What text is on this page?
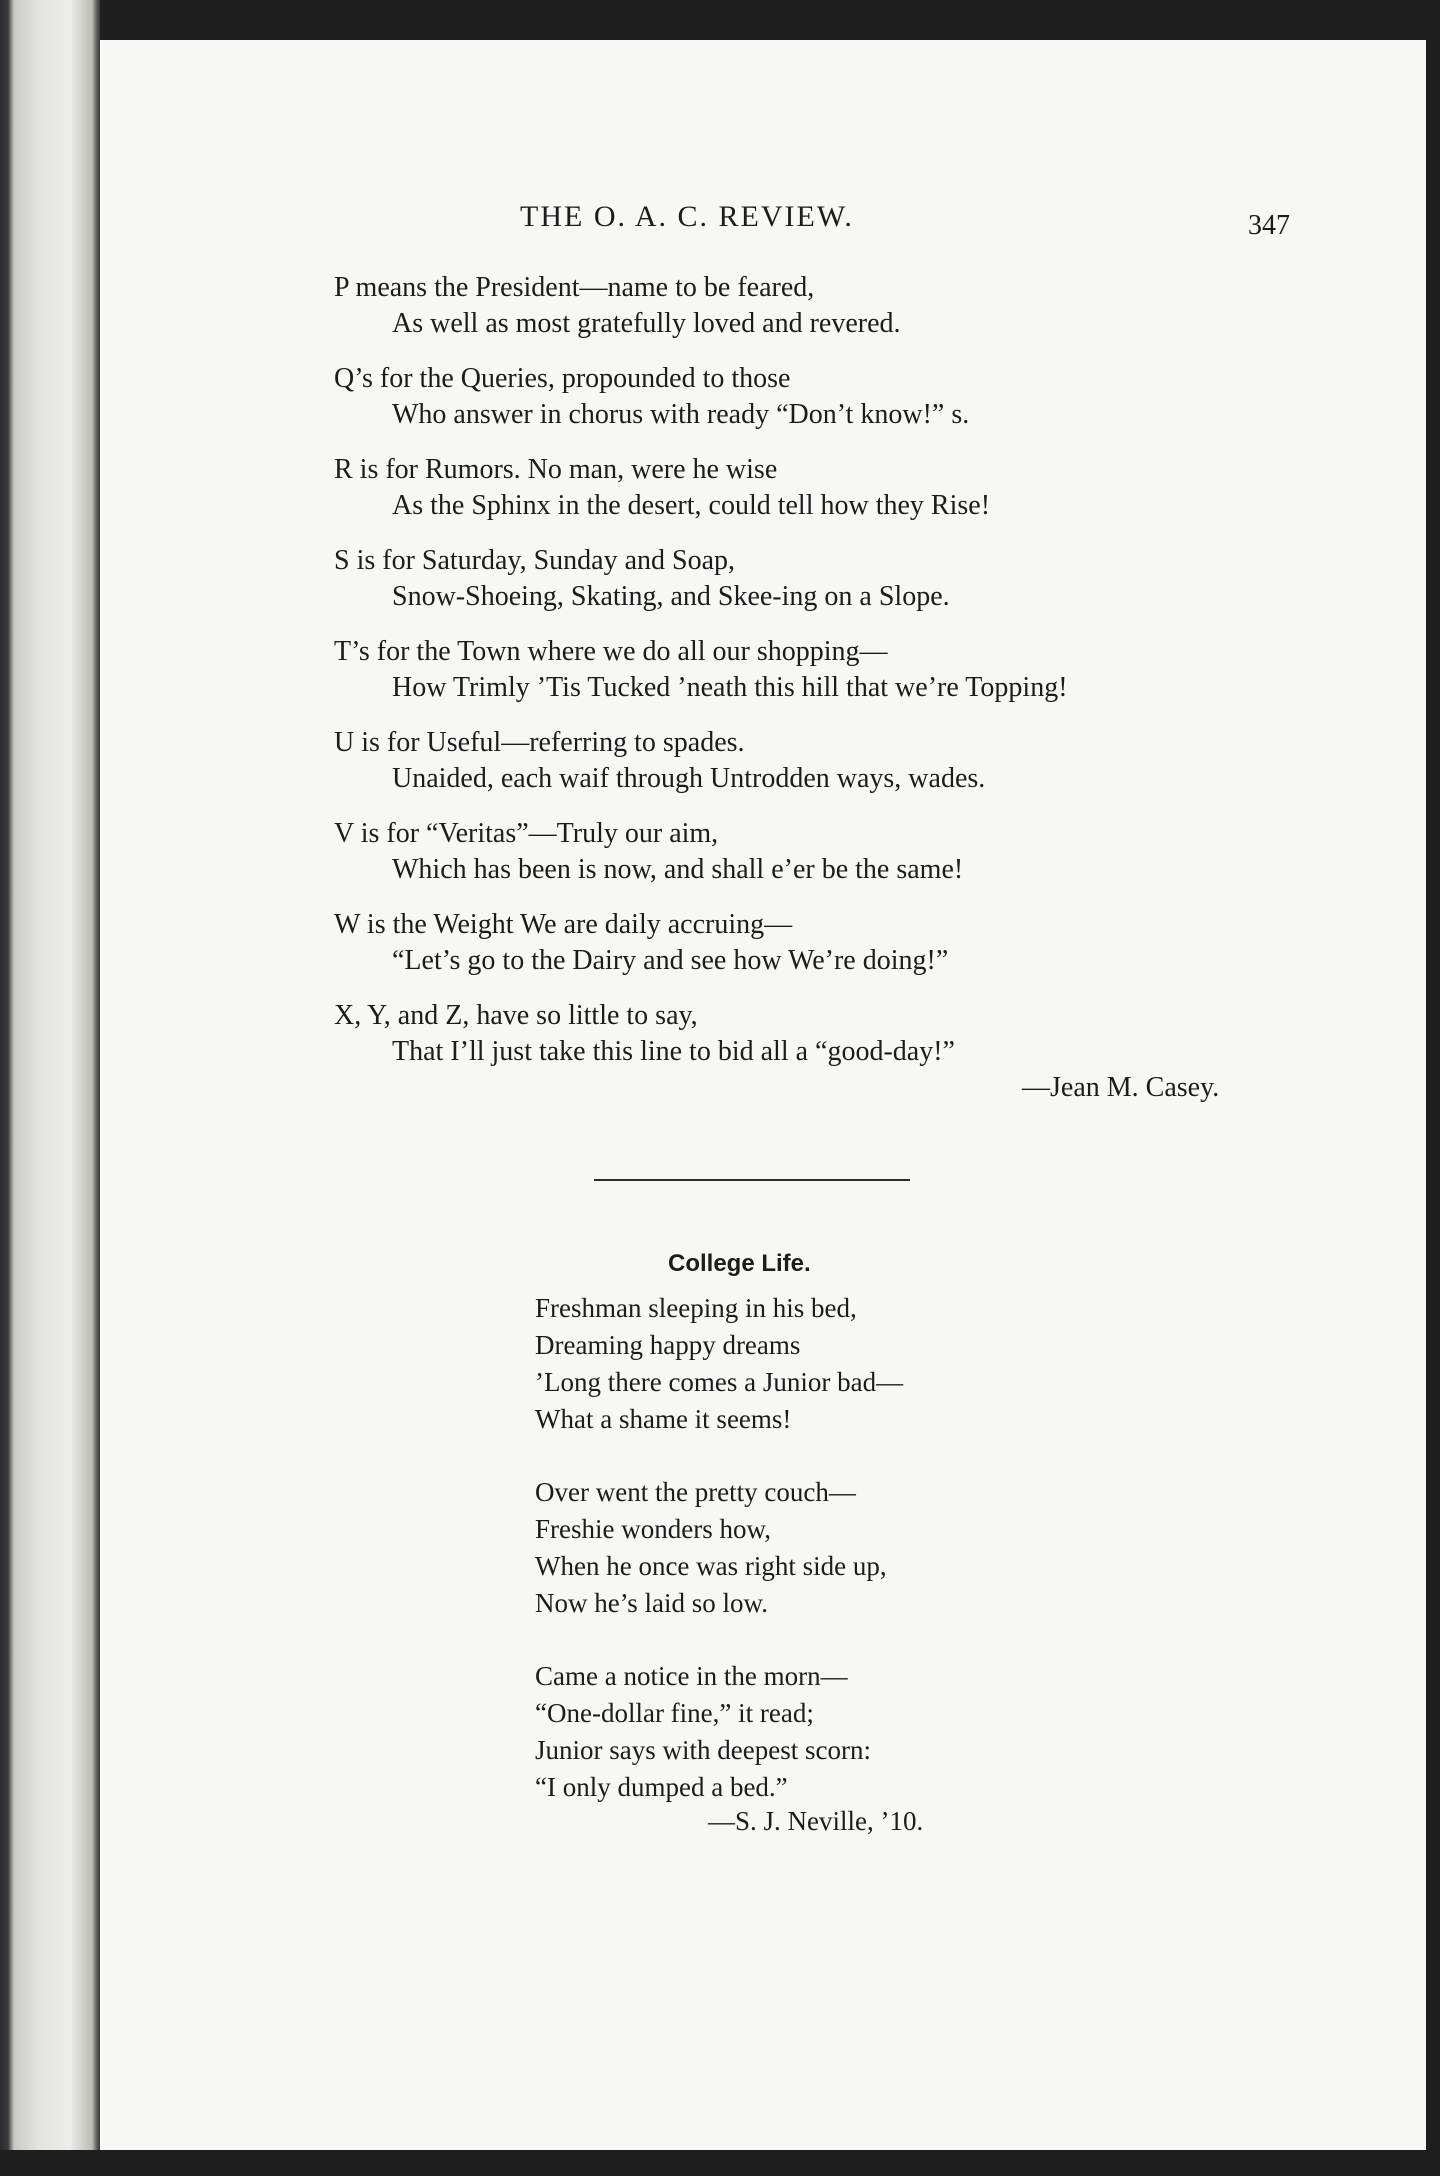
THE O. A. C. REVIEW.	347
P means the President—name to be feared,
As well as most gratefully loved and revered.
Q’s for the Queries, propounded to those
Who answer in chorus with ready “Don’t know!” s.
R is for Rumors. No man, were he wise
As the Sphinx in the desert, could tell how they Rise!
S is for Saturday, Sunday and Soap,
Snow-Shoeing, Skating, and Skee-ing on a Slope.
T’s for the Town where we do all our shopping—
How Trimly ’Tis Tucked ’neath this hill that we’re Topping!
U is for Useful—referring to spades.
Unaided, each waif through Untrodden ways, wades.
V is for “Veritas”—Truly our aim,
Which has been is now, and shall e’er be the same!
W is the Weight We are daily accruing—
“Let’s go to the Dairy and see how We’re doing!”
X, Y, and Z, have so little to say,
That I’ll just take this line to bid all a “good-day!”
—Jean M. Casey.
College Life.
Freshman sleeping in his bed,
Dreaming happy dreams
’Long there comes a Junior bad—
What a shame it seems!
Over went the pretty couch—
Freshie wonders how,
When he once was right side up,
Now he’s laid so low.
Came a notice in the morn—
“One-dollar fine,” it read;
Junior says with deepest scorn:
“I only dumped a bed.”
—S. J. Neville, ’10.
